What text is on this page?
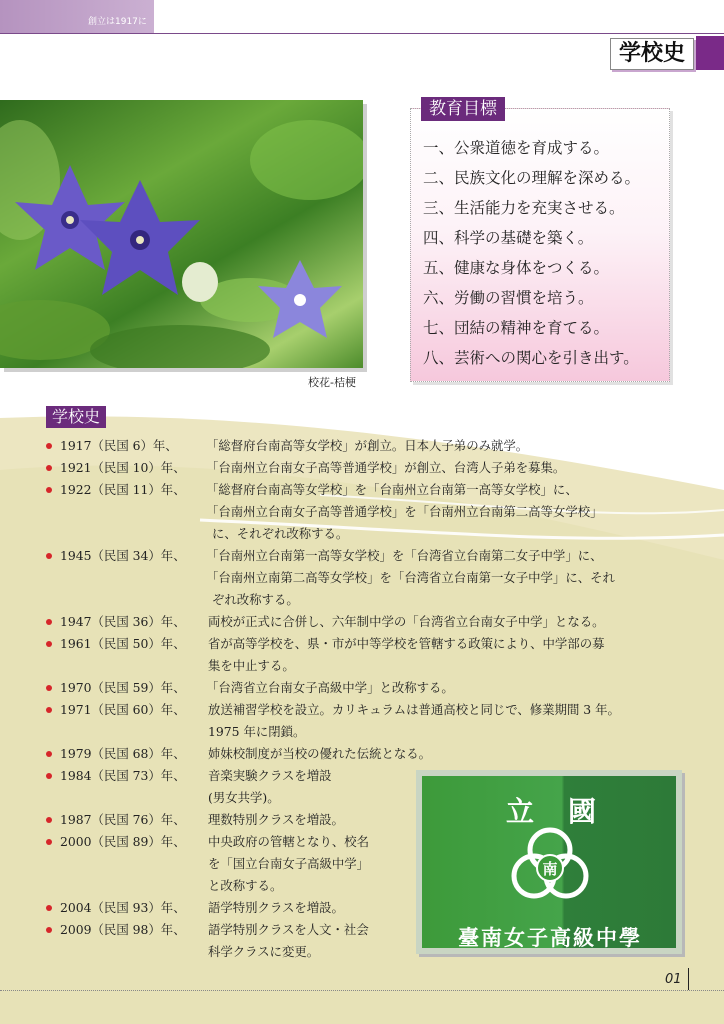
創立は1917に
学校史
校花-桔梗
一、公衆道徳を育成する。
二、民族文化の理解を深める。
三、生活能力を充実させる。
四、科学の基礎を築く。
五、健康な身体をつくる。
六、労働の習慣を培う。
七、団結の精神を育てる。
八、芸術への関心を引き出す。
教育目標
学校史
1917（民国 6）年、	「総督府台南高等女学校」が創立。日本人子弟のみ就学。
1921（民国 10）年、	「台南州立台南女子高等普通学校」が創立、台湾人子弟を募集。
1922（民国 11）年、	「総督府台南高等女学校」を「台南州立台南第一高等女学校」に、
「台南州立台南女子高等普通学校」を「台南州立台南第二高等女学校」
に、それぞれ改称する。
1945（民国 34）年、	「台南州立台南第一高等女学校」を「台湾省立台南第二女子中学」に、
「台南州立南第二高等女学校」を「台湾省立台南第一女子中学」に、それ
ぞれ改称する。
1947（民国 36）年、	両校が正式に合併し、六年制中学の「台湾省立台南女子中学」となる。
1961（民国 50）年、	省が高等学校を、県・市が中等学校を管轄する政策により、中学部の募
集を中止する。
1970（民国 59）年、	「台湾省立台南女子高級中学」と改称する。
1971（民国 60）年、	放送補習学校を設立。カリキュラムは普通高校と同じで、修業期間 3 年。
1975 年に閉鎖。
1979（民国 68）年、	姉妹校制度が当校の優れた伝統となる。
1984（民国 73）年、	音楽実験クラスを増設
(男女共学)。
1987（民国 76）年、	理数特別クラスを増設。
2000（民国 89）年、	中央政府の管轄となり、校名
を「国立台南女子高級中学」
と改称する。
2004（民国 93）年、	語学特別クラスを増設。
2009（民国 98）年、	語学特別クラスを人文・社会
科学クラスに変更。
立 國
南
臺南女子高級中學
01
